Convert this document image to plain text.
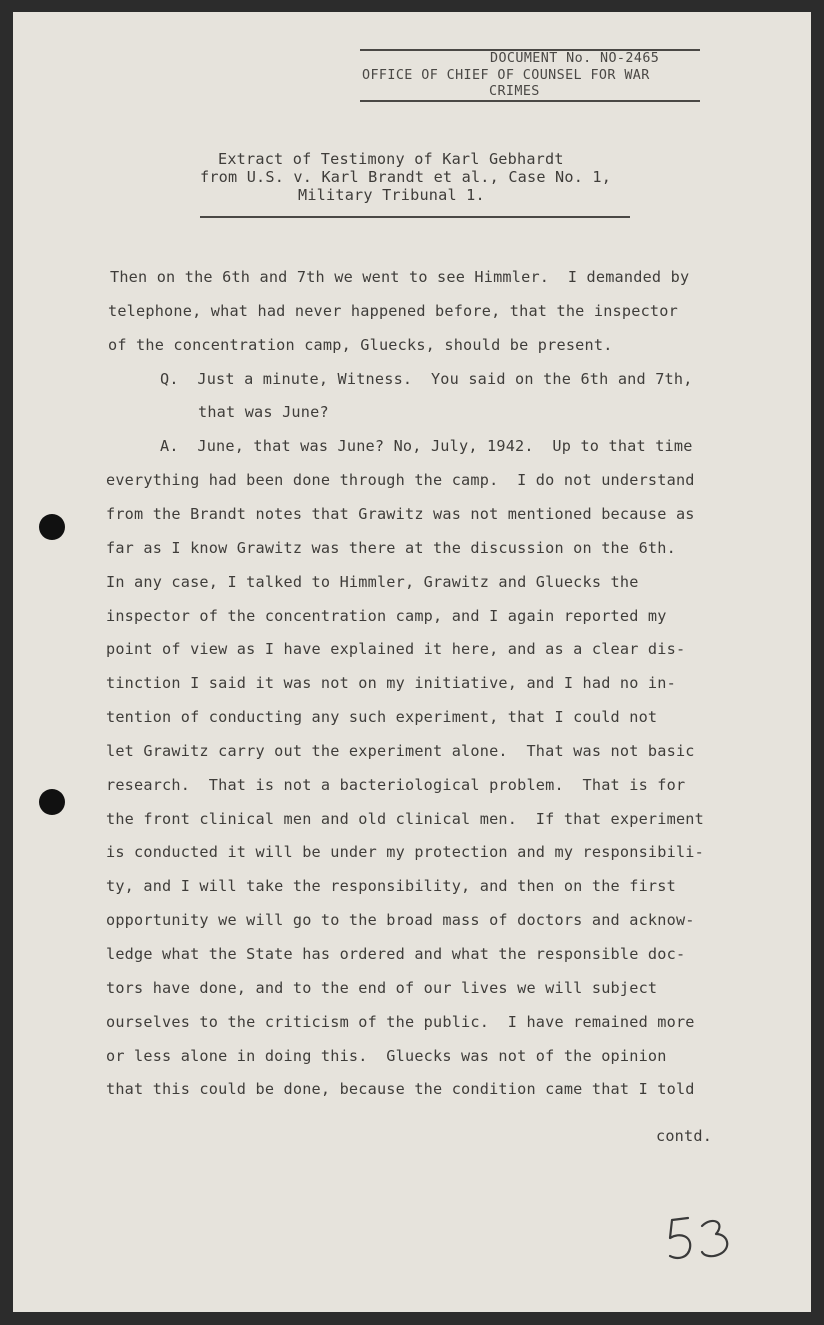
DOCUMENT No. NO-2465
OFFICE OF CHIEF OF COUNSEL FOR WAR
CRIMES
Extract of Testimony of Karl Gebhardt
from U.S. v. Karl Brandt et al., Case No. 1,
Military Tribunal 1.
Then on the 6th and 7th we went to see Himmler.  I demanded by
telephone, what had never happened before, that the inspector
of the concentration camp, Gluecks, should be present.
Q.  Just a minute, Witness.  You said on the 6th and 7th,
that was June?
A.  June, that was June? No, July, 1942.  Up to that time
everything had been done through the camp.  I do not understand
from the Brandt notes that Grawitz was not mentioned because as
far as I know Grawitz was there at the discussion on the 6th.
In any case, I talked to Himmler, Grawitz and Gluecks the
inspector of the concentration camp, and I again reported my
point of view as I have explained it here, and as a clear dis-
tinction I said it was not on my initiative, and I had no in-
tention of conducting any such experiment, that I could not
let Grawitz carry out the experiment alone.  That was not basic
research.  That is not a bacteriological problem.  That is for
the front clinical men and old clinical men.  If that experiment
is conducted it will be under my protection and my responsibili-
ty, and I will take the responsibility, and then on the first
opportunity we will go to the broad mass of doctors and acknow-
ledge what the State has ordered and what the responsible doc-
tors have done, and to the end of our lives we will subject
ourselves to the criticism of the public.  I have remained more
or less alone in doing this.  Gluecks was not of the opinion
that this could be done, because the condition came that I told
contd.
